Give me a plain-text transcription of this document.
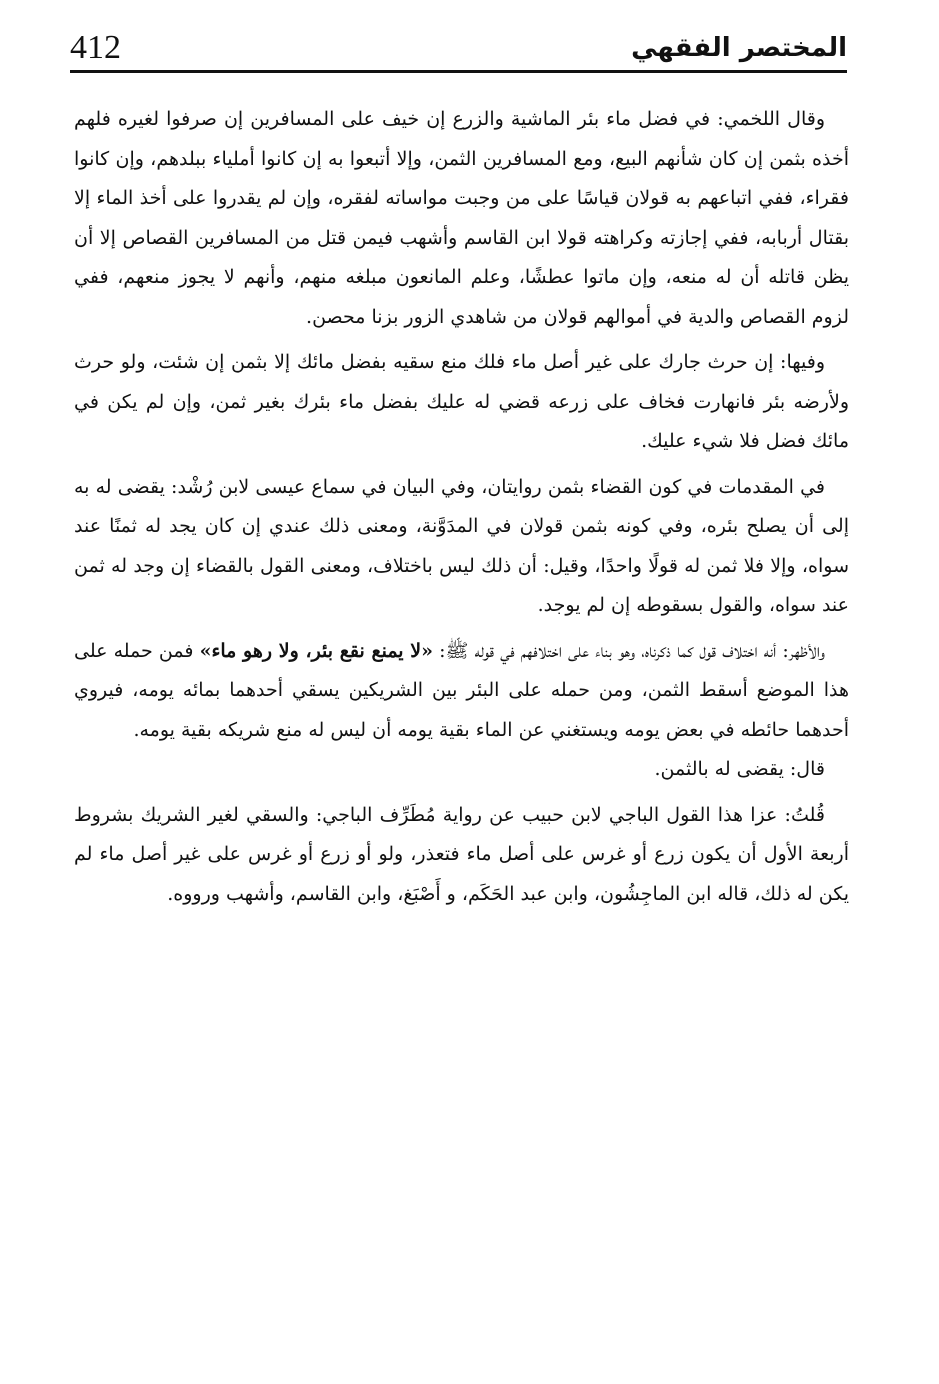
412	المختصر الفقهي

وقال اللخمي: في فضل ماء بئر الماشية والزرع إن خيف على المسافرين إن صرفوا لغيره فلهم أخذه بثمن إن كان شأنهم البيع، ومع المسافرين الثمن، وإلا أتبعوا به إن كانوا أملياء ببلدهم، وإن كانوا فقراء، ففي اتباعهم به قولان قياسًا على من وجبت مواساته لفقره، وإن لم يقدروا على أخذ الماء إلا بقتال أربابه، ففي إجازته وكراهته قولا ابن القاسم وأشهب فيمن قتل من المسافرين القصاص إلا أن يظن قاتله أن له منعه، وإن ماتوا عطشًا، وعلم المانعون مبلغه منهم، وأنهم لا يجوز منعهم، ففي لزوم القصاص والدية في أموالهم قولان من شاهدي الزور بزنا محصن.

وفيها: إن حرث جارك على غير أصل ماء فلك منع سقيه بفضل مائك إلا بثمن إن شئت، ولو حرث ولأرضه بئر فانهارت فخاف على زرعه قضي له عليك بفضل ماء بئرك بغير ثمن، وإن لم يكن في مائك فضل فلا شيء عليك.

في المقدمات في كون القضاء بثمن روايتان، وفي البيان في سماع عيسى لابن رُشْد: يقضى له به إلى أن يصلح بئره، وفي كونه بثمن قولان في المدَوَّنة، ومعنى ذلك عندي إن كان يجد له ثمنًا عند سواه، وإلا فلا ثمن له قولًا واحدًا، وقيل: أن ذلك ليس باختلاف، ومعنى القول بالقضاء إن وجد له ثمن عند سواه، والقول بسقوطه إن لم يوجد.

والأظهر: أنه اختلاف قول كما ذكرناه، وهو بناء على اختلافهم في قوله ﷺ: «لا يمنع نقع بئر، ولا رهو ماء» فمن حمله على هذا الموضع أسقط الثمن، ومن حمله على البئر بين الشريكين يسقي أحدهما بمائه يومه، فيروي أحدهما حائطه في بعض يومه ويستغني عن الماء بقية يومه أن ليس له منع شريكه بقية يومه.

قال: يقضى له بالثمن.

قُلتُ: عزا هذا القول الباجي لابن حبيب عن رواية مُطَرِّف الباجي: والسقي لغير الشريك بشروط أربعة الأول أن يكون زرع أو غرس على أصل ماء فتعذر، ولو أو زرع أو غرس على غير أصل ماء لم يكن له ذلك، قاله ابن الماجِشُون، وابن عبد الحَكَم، و أَصْبَغ، وابن القاسم، وأشهب ورووه.
